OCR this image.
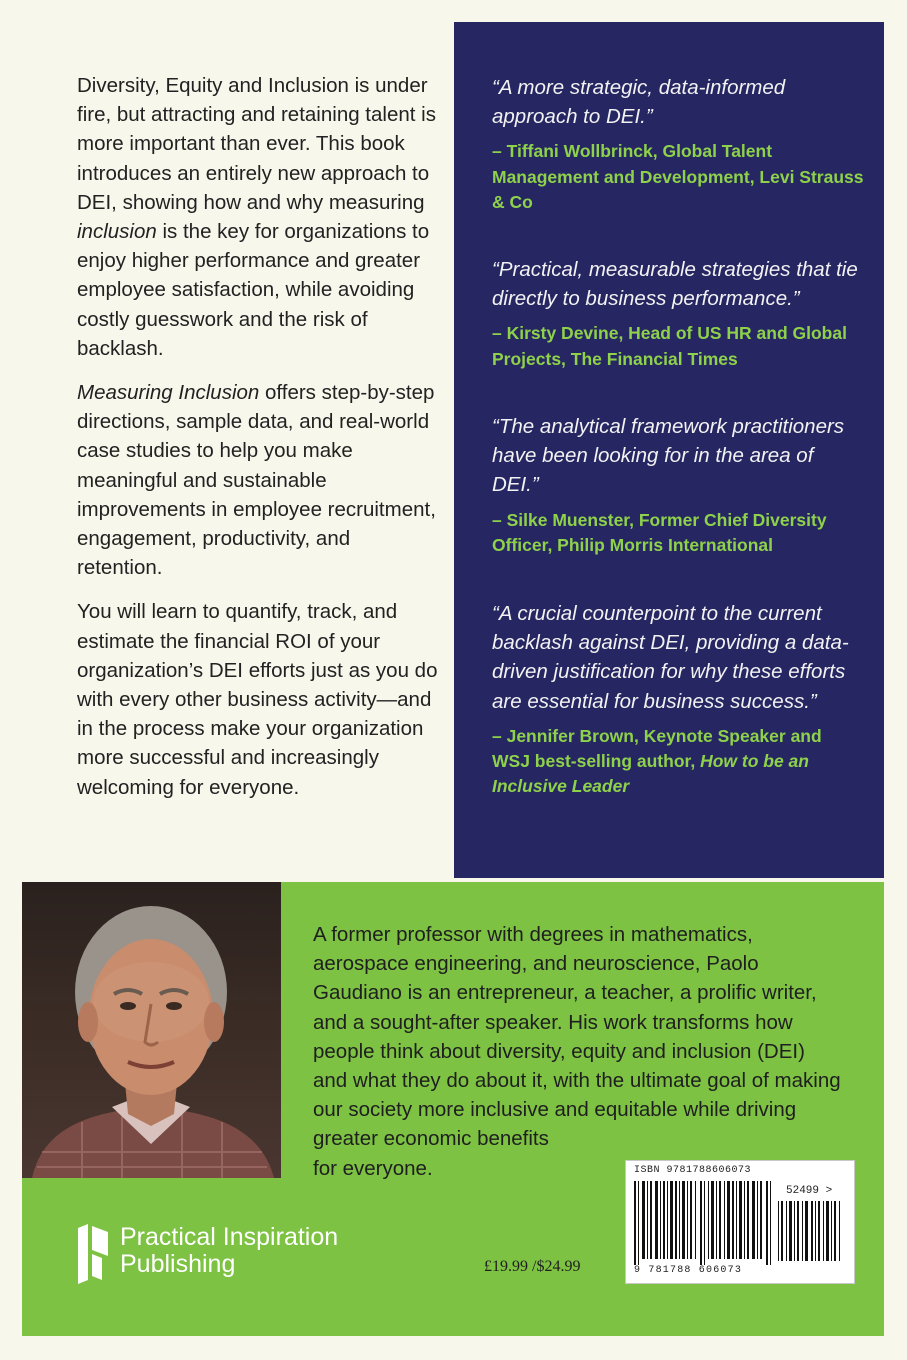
Diversity, Equity and Inclusion is under fire, but attracting and retaining talent is more important than ever. This book introduces an entirely new approach to DEI, showing how and why measuring inclusion is the key for organizations to enjoy higher performance and greater employee satisfaction, while avoiding costly guesswork and the risk of backlash.

Measuring Inclusion offers step-by-step directions, sample data, and real-world case studies to help you make meaningful and sustainable improvements in employee recruitment, engagement, productivity, and retention.

You will learn to quantify, track, and estimate the financial ROI of your organization’s DEI efforts just as you do with every other business activity—and in the process make your organization more successful and increasingly welcoming for everyone.

“A more strategic, data-informed approach to DEI.”

– Tiffani Wollbrinck, Global Talent Management and Development, Levi Strauss & Co

“Practical, measurable strategies that tie directly to business performance.”

– Kirsty Devine, Head of US HR and Global Projects, The Financial Times

“The analytical framework practitioners have been looking for in the area of DEI.”

– Silke Muenster, Former Chief Diversity Officer, Philip Morris International

“A crucial counterpoint to the current backlash against DEI, providing a data-driven justification for why these efforts are essential for business success.”

– Jennifer Brown, Keynote Speaker and WSJ best-selling author, How to be an Inclusive Leader

A former professor with degrees in mathematics,
aerospace engineering, and neuroscience, Paolo
Gaudiano is an entrepreneur, a teacher, a prolific writer,
and a sought-after speaker. His work transforms how
people think about diversity, equity and inclusion (DEI)
and what they do about it, with the ultimate goal of making
our society more inclusive and equitable while driving
greater economic benefits
for everyone.
Practical Inspiration
Publishing	£19.99 /$24.99
ISBN 9781788606073
52499 >
9 781788 606073
